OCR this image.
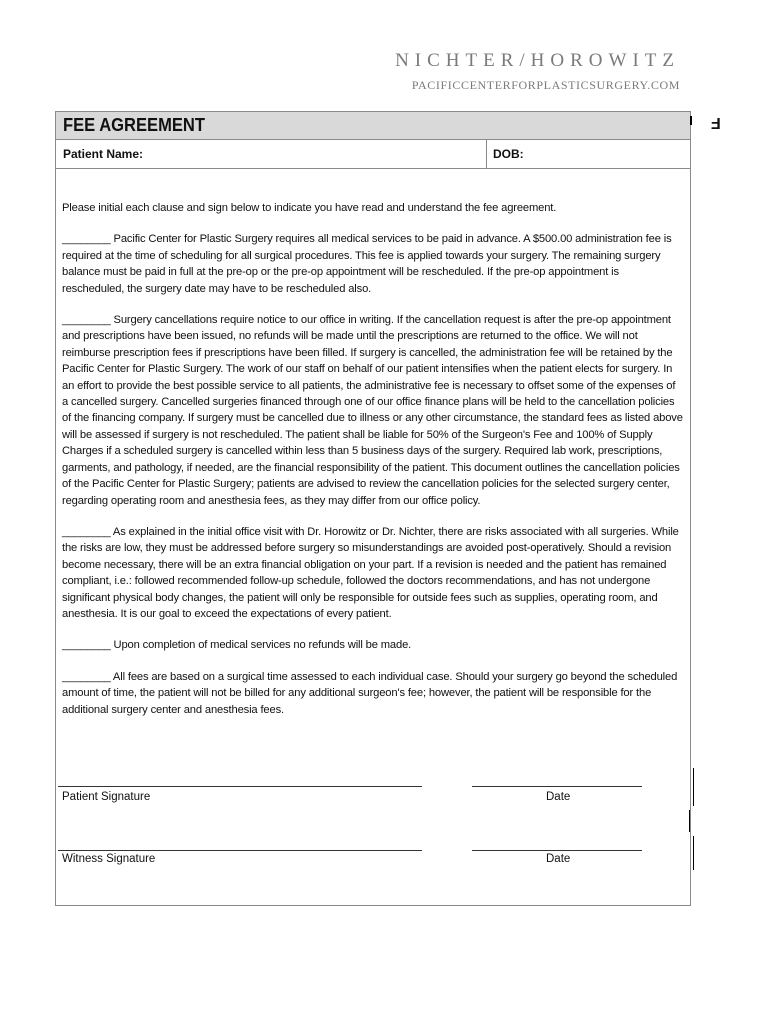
NICHTER/HOROWITZ
PACIFICCENTERFORPLASTICSURGERY.COM
FEE AGREEMENT
Patient Name:	DOB:

Please initial each clause and sign below to indicate you have read and understand the fee agreement.

________ Pacific Center for Plastic Surgery requires all medical services to be paid in advance. A $500.00 administration fee is required at the time of scheduling for all surgical procedures. This fee is applied towards your surgery. The remaining surgery balance must be paid in full at the pre-op or the pre-op appointment will be rescheduled. If the pre-op appointment is rescheduled, the surgery date may have to be rescheduled also.

________ Surgery cancellations require notice to our office in writing. If the cancellation request is after the pre-op appointment and prescriptions have been issued, no refunds will be made until the prescriptions are returned to the office. We will not reimburse prescription fees if prescriptions have been filled. If surgery is cancelled, the administration fee will be retained by the Pacific Center for Plastic Surgery. The work of our staff on behalf of our patient intensifies when the patient elects for surgery. In an effort to provide the best possible service to all patients, the administrative fee is necessary to offset some of the expenses of a cancelled surgery. Cancelled surgeries financed through one of our office finance plans will be held to the cancellation policies of the financing company. If surgery must be cancelled due to illness or any other circumstance, the standard fees as listed above will be assessed if surgery is not rescheduled. The patient shall be liable for 50% of the Surgeon's Fee and 100% of Supply Charges if a scheduled surgery is cancelled within less than 5 business days of the surgery. Required lab work, prescriptions, garments, and pathology, if needed, are the financial responsibility of the patient. This document outlines the cancellation policies of the Pacific Center for Plastic Surgery; patients are advised to review the cancellation policies for the selected surgery center, regarding operating room and anesthesia fees, as they may differ from our office policy.

________ As explained in the initial office visit with Dr. Horowitz or Dr. Nichter, there are risks associated with all surgeries. While the risks are low, they must be addressed before surgery so misunderstandings are avoided post-operatively. Should a revision become necessary, there will be an extra financial obligation on your part. If a revision is needed and the patient has remained compliant, i.e.: followed recommended follow-up schedule, followed the doctors recommendations, and has not undergone significant physical body changes, the patient will only be responsible for outside fees such as supplies, operating room, and anesthesia. It is our goal to exceed the expectations of every patient.

________ Upon completion of medical services no refunds will be made.

________ All fees are based on a surgical time assessed to each individual case. Should your surgery go beyond the scheduled amount of time, the patient will not be billed for any additional surgeon's fee; however, the patient will be responsible for the additional surgery center and anesthesia fees.

Patient Signature	Date
Witness Signature	Date
F
